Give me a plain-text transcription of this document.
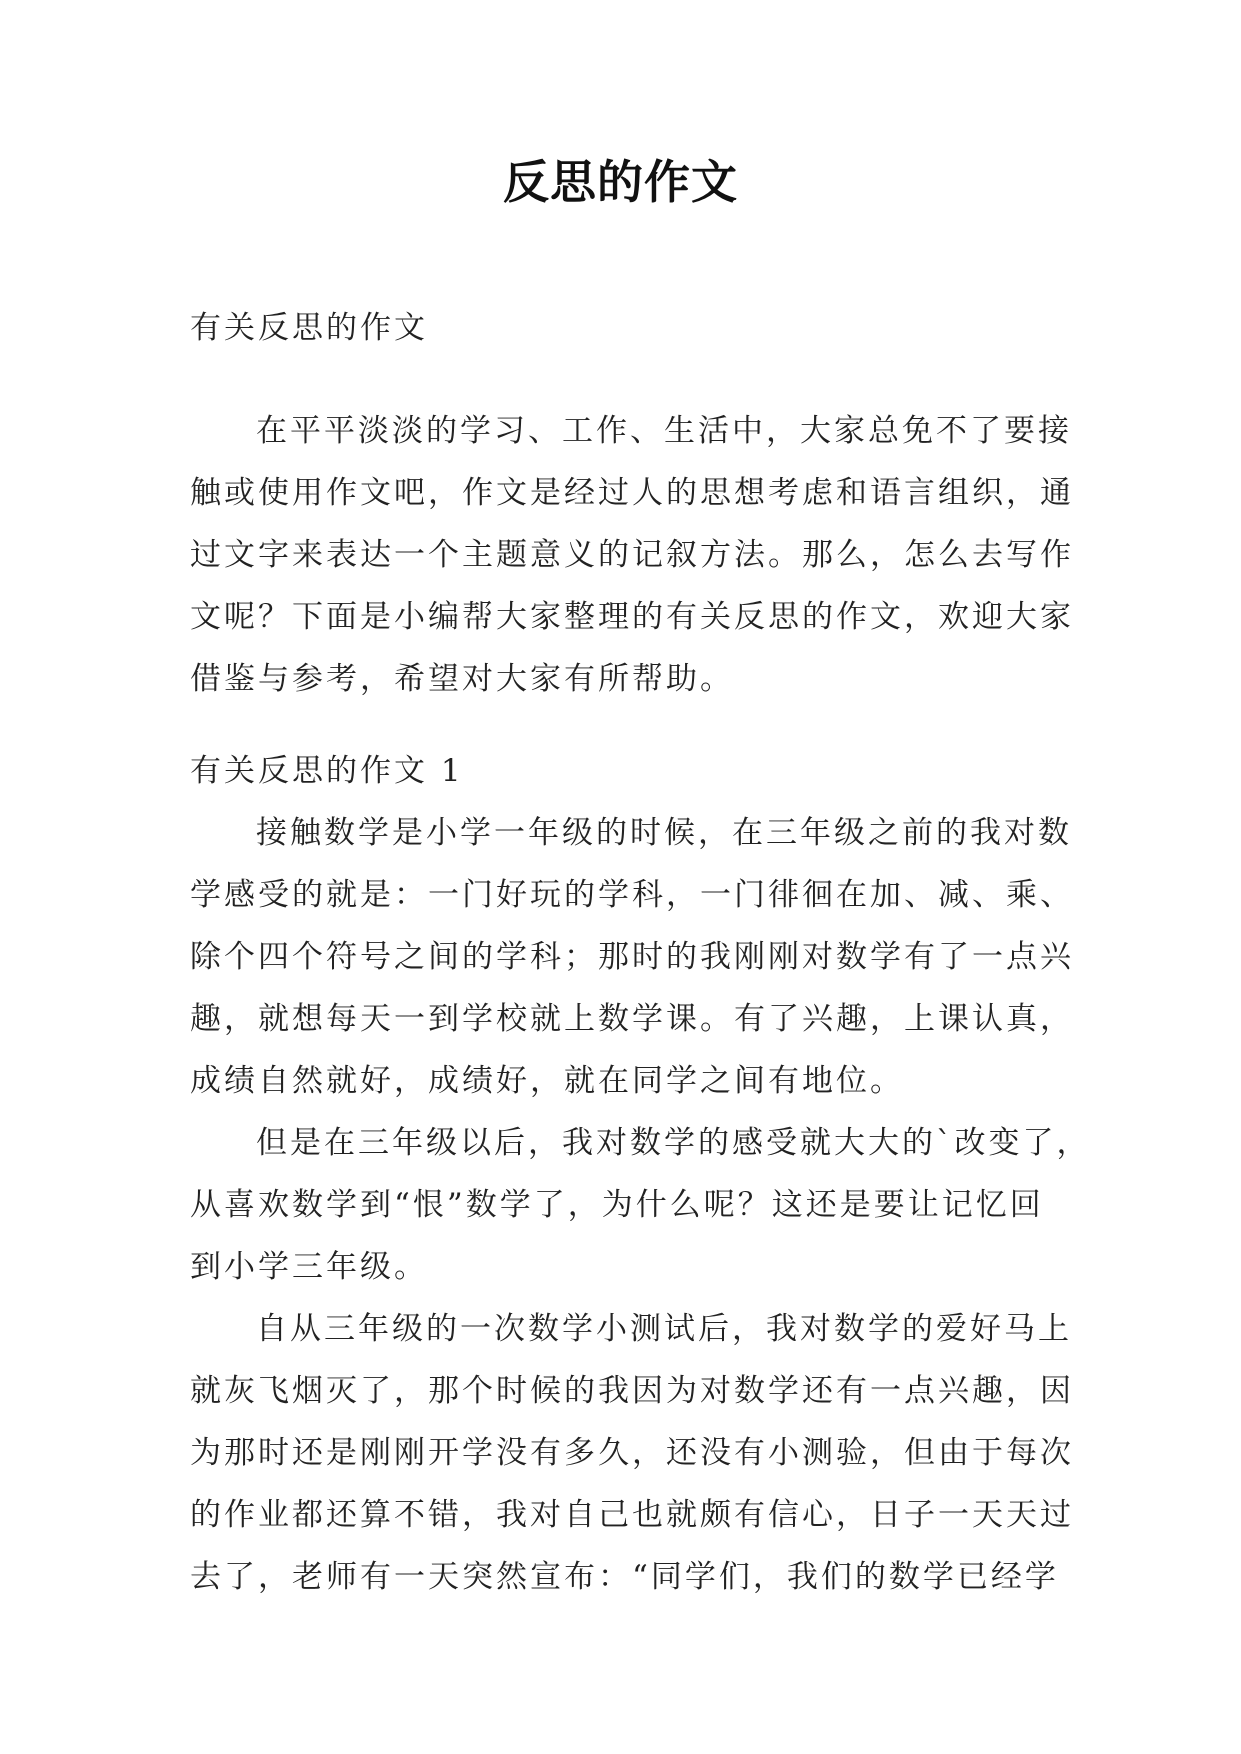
反思的作文
有关反思的作文
在平平淡淡的学习、工作、生活中，大家总免不了要接
触或使用作文吧，作文是经过人的思想考虑和语言组织，通
过文字来表达一个主题意义的记叙方法。那么，怎么去写作
文呢？下面是小编帮大家整理的有关反思的作文，欢迎大家
借鉴与参考，希望对大家有所帮助。
有关反思的作文 1
接触数学是小学一年级的时候，在三年级之前的我对数
学感受的就是：一门好玩的学科，一门徘徊在加、减、乘、
除个四个符号之间的学科；那时的我刚刚对数学有了一点兴
趣，就想每天一到学校就上数学课。有了兴趣，上课认真，
成绩自然就好，成绩好，就在同学之间有地位。
但是在三年级以后，我对数学的感受就大大的`改变了，
从喜欢数学到“恨”数学了，为什么呢？这还是要让记忆回
到小学三年级。
自从三年级的一次数学小测试后，我对数学的爱好马上
就灰飞烟灭了，那个时候的我因为对数学还有一点兴趣，因
为那时还是刚刚开学没有多久，还没有小测验，但由于每次
的作业都还算不错，我对自己也就颇有信心，日子一天天过
去了，老师有一天突然宣布：“同学们，我们的数学已经学
